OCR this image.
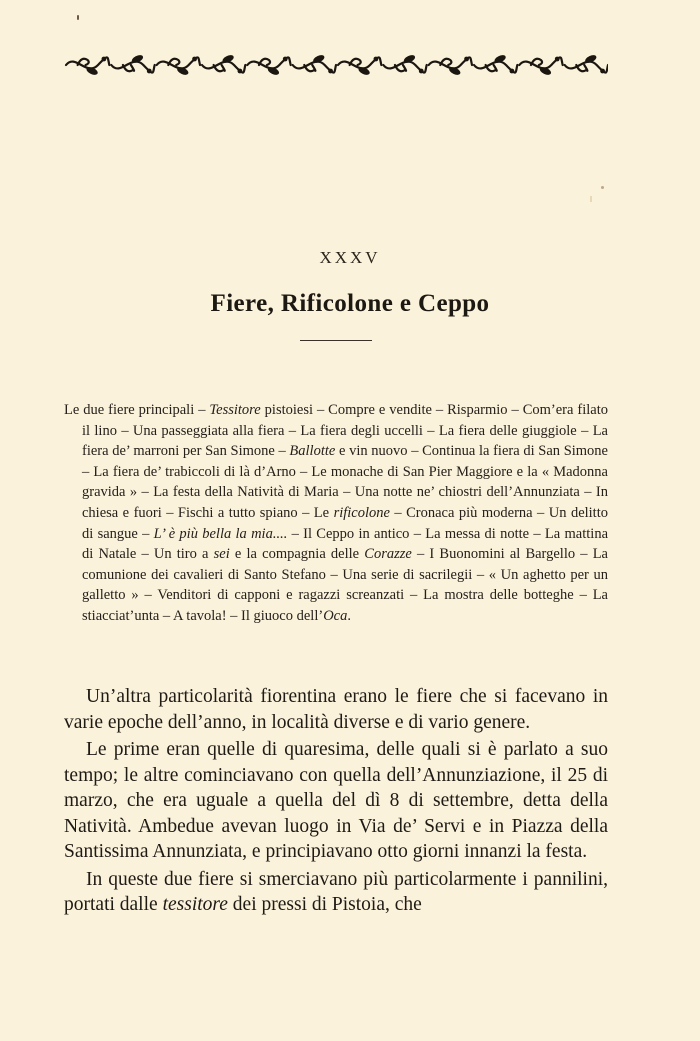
XXXV
Fiere, Rificolone e Ceppo

Le due fiere principali – Tessitore pistoiesi – Compre e vendite – Risparmio – Com’era filato il lino – Una passeggiata alla fiera – La fiera degli uccelli – La fiera delle giuggiole – La fiera de’ marroni per San Simone – Ballotte e vin nuovo – Continua la fiera di San Simone – La fiera de’ trabiccoli di là d’Arno – Le monache di San Pier Maggiore e la « Madonna gravida » – La festa della Natività di Maria – Una notte ne’ chiostri dell’Annunziata – In chiesa e fuori – Fischi a tutto spiano – Le rificolone – Cronaca più moderna – Un delitto di sangue – L’ è più bella la mia.... – Il Ceppo in antico – La messa di notte – La mattina di Natale – Un tiro a sei e la compagnia delle Corazze – I Buonomini al Bargello – La comunione dei cavalieri di Santo Stefano – Una serie di sacrilegii – « Un aghetto per un galletto » – Venditori di capponi e ragazzi screanzati – La mostra delle botteghe – La stiacciat’unta – A tavola! – Il giuoco dell’Oca.

Un’altra particolarità fiorentina erano le fiere che si facevano in varie epoche dell’anno, in località diverse e di vario genere.

Le prime eran quelle di quaresima, delle quali si è parlato a suo tempo; le altre cominciavano con quella dell’Annunziazione, il 25 di marzo, che era uguale a quella del dì 8 di settembre, detta della Natività. Ambedue avevan luogo in Via de’ Servi e in Piazza della Santissima Annunziata, e principiavano otto giorni innanzi la festa.

In queste due fiere si smerciavano più particolarmente i pannilini, portati dalle tessitore dei pressi di Pistoia, che
